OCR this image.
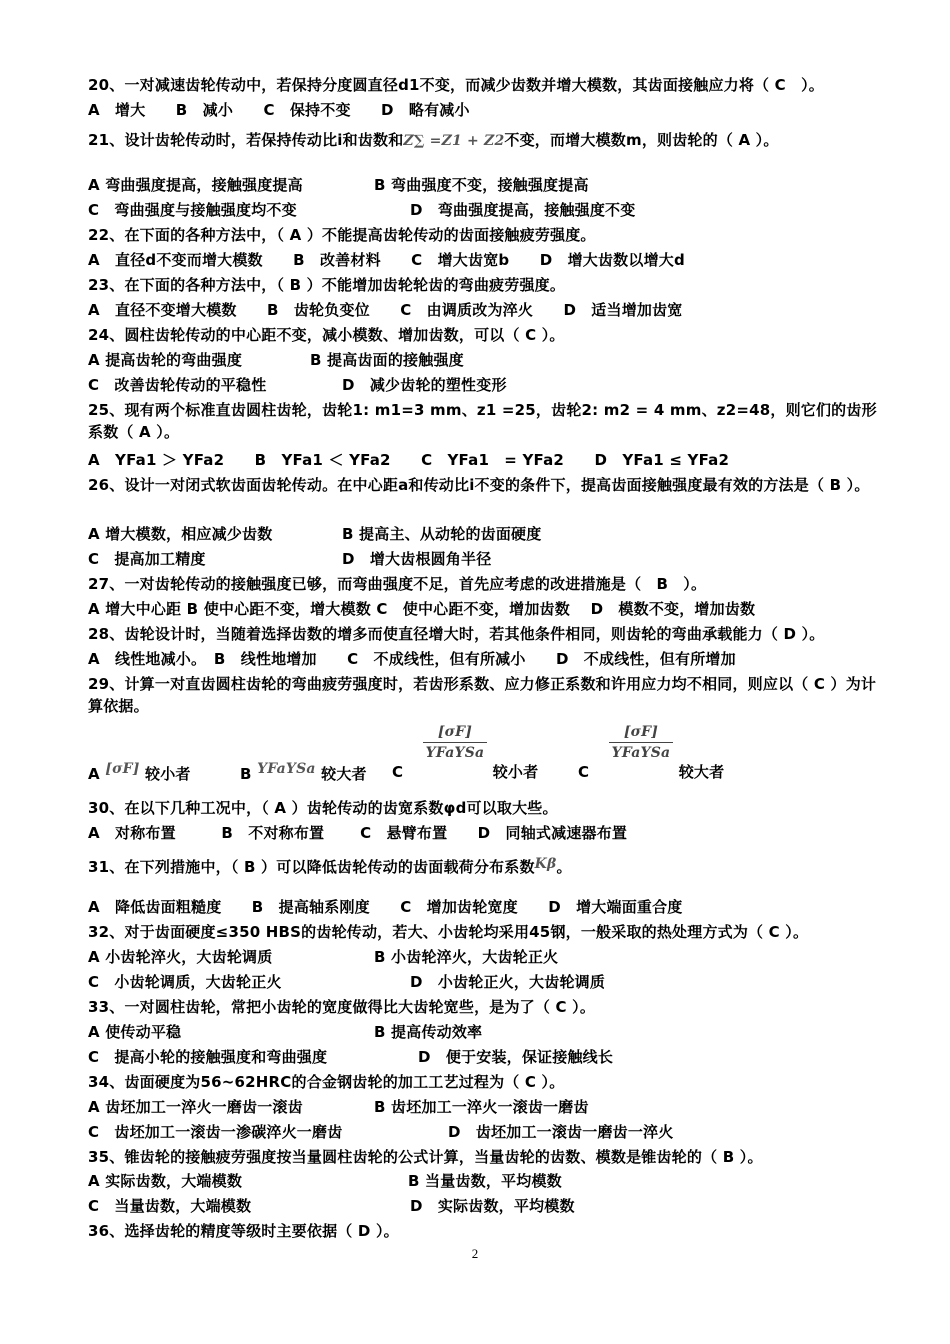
20、一对减速齿轮传动中，若保持分度圆直径d1不变，而减少齿数并增大模数，其齿面接触应力将（ C　）。
A　增大　　B　减小　　C　保持不变　　D　略有减小
21、设计齿轮传动时，若保持传动比i和齿数和Z∑ =Z1 + Z2不变，而增大模数m，则齿轮的（ A ）。
A 弯曲强度提高，接触强度提高	B 弯曲强度不变，接触强度提高
C　弯曲强度与接触强度均不变	D　弯曲强度提高，接触强度不变
22、在下面的各种方法中，（ A ）不能提高齿轮传动的齿面接触疲劳强度。
A　直径d不变而增大模数　　B　改善材料　　C　增大齿宽b　　D　增大齿数以增大d
23、在下面的各种方法中，（ B ）不能增加齿轮轮齿的弯曲疲劳强度。
A　直径不变增大模数　　B　齿轮负变位　　C　由调质改为淬火　　D　适当增加齿宽
24、圆柱齿轮传动的中心距不变，减小模数、增加齿数，可以（ C ）。
A 提高齿轮的弯曲强度	B 提高齿面的接触强度
C　改善齿轮传动的平稳性	D　减少齿轮的塑性变形
25、现有两个标准直齿圆柱齿轮，齿轮1: m1=3 mm、z1 =25，齿轮2: m2 = 4 mm、z2=48，则它们的齿形系数（ A ）。
A　YFa1 ＞ YFa2　　B　YFa1 ＜ YFa2　　C　YFa1　= YFa2　　D　YFa1 ≤ YFa2
26、设计一对闭式软齿面齿轮传动。在中心距a和传动比i不变的条件下，提高齿面接触强度最有效的方法是（ B ）。
A 增大模数，相应减少齿数	B 提高主、从动轮的齿面硬度
C　提高加工精度	D　增大齿根圆角半径
27、一对齿轮传动的接触强度已够，而弯曲强度不足，首先应考虑的改进措施是（　B　）。
A 增大中心距 B 使中心距不变，增大模数 C　使中心距不变，增加齿数　 D　模数不变，增加齿数
28、齿轮设计时，当随着选择齿数的增多而使直径增大时，若其他条件相同，则齿轮的弯曲承载能力（ D ）。
A　线性地减小。　B　线性地增加　　C　不成线性，但有所减小　　D　不成线性，但有所增加
29、计算一对直齿圆柱齿轮的弯曲疲劳强度时，若齿形系数、应力修正系数和许用应力均不相同，则应以（ C ）为计算依据。
A [σF] 较小者	B YFaYSa 较大者 C
$\frac{[\sigma F]}{\text{YFaYSa}}$
较小者	C
$\frac{[\sigma F]}{\text{YFaYSa}}$
较大者
30、在以下几种工况中，（ A ）齿轮传动的齿宽系数φd可以取大些。
A　对称布置　　　B　不对称布置　　 C　悬臂布置　　D　同轴式减速器布置
31、在下列措施中，（ B ）可以降低齿轮传动的齿面载荷分布系数Kβ。
A　降低齿面粗糙度　　B　提高轴系刚度　　C　增加齿轮宽度　　D　增大端面重合度
32、对于齿面硬度≤350 HBS的齿轮传动，若大、小齿轮均采用45钢，一般采取的热处理方式为（ C ）。
A 小齿轮淬火，大齿轮调质	B 小齿轮淬火，大齿轮正火
C　小齿轮调质，大齿轮正火	D　小齿轮正火，大齿轮调质
33、一对圆柱齿轮，常把小齿轮的宽度做得比大齿轮宽些，是为了（ C ）。
A 使传动平稳	B 提高传动效率
C　提高小轮的接触强度和弯曲强度	D　便于安装，保证接触线长
34、齿面硬度为56~62HRC的合金钢齿轮的加工工艺过程为（ C ）。
A 齿坯加工一淬火一磨齿一滚齿	B 齿坯加工一淬火一滚齿一磨齿
C　齿坯加工一滚齿一渗碳淬火一磨齿	D　齿坯加工一滚齿一磨齿一淬火
35、锥齿轮的接触疲劳强度按当量圆柱齿轮的公式计算，当量齿轮的齿数、模数是锥齿轮的（ B ）。
A 实际齿数，大端模数	B 当量齿数，平均模数
C　当量齿数，大端模数	D　实际齿数，平均模数
36、选择齿轮的精度等级时主要依据（ D ）。
2
